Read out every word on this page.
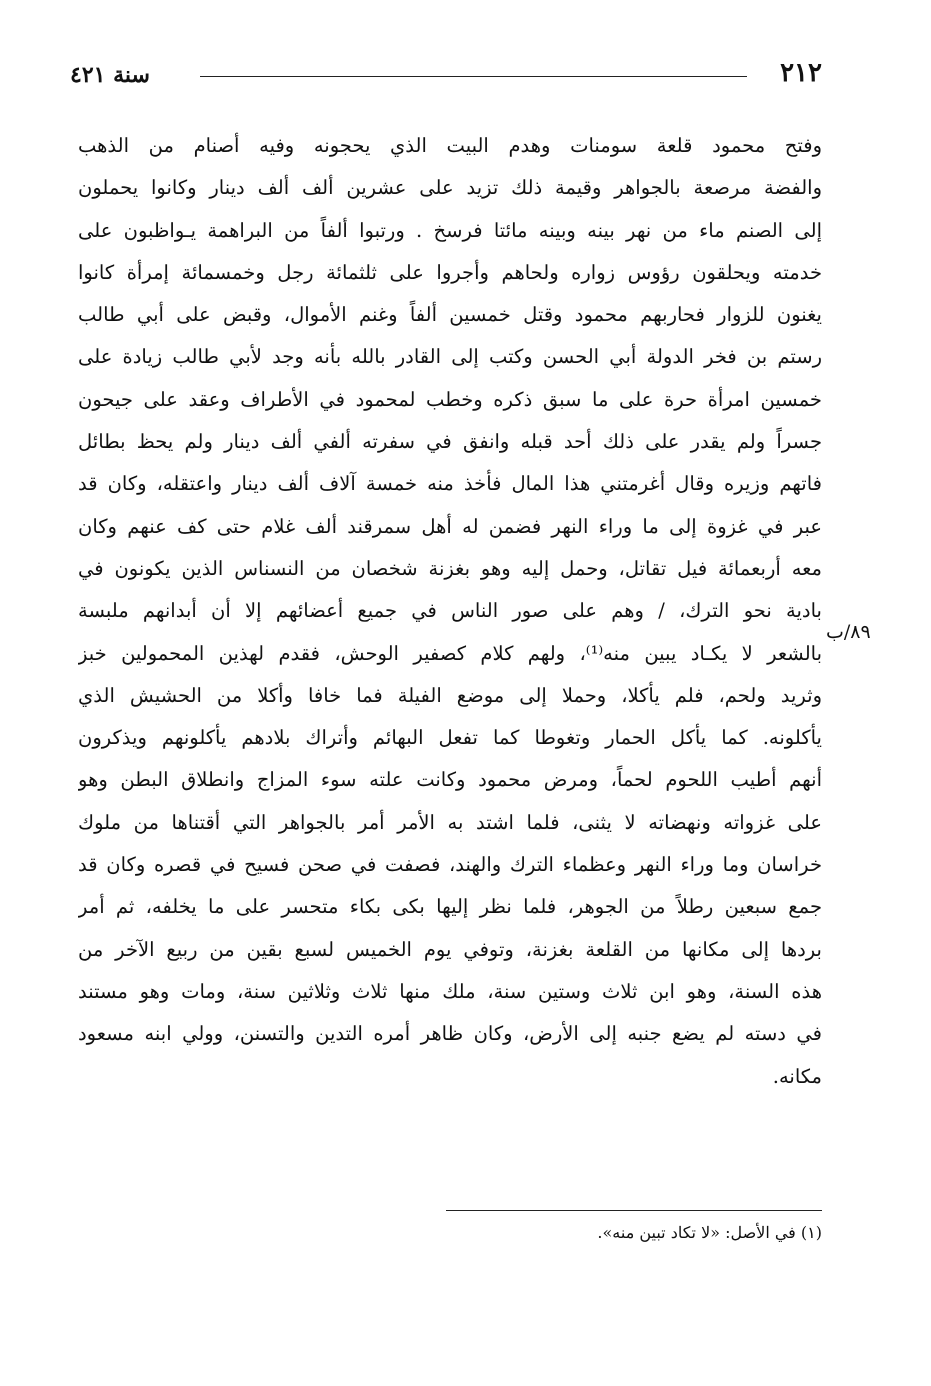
٢١٢
سنة ٤٢١
وفتح محمود قلعة سومنات وهدم البيت الذي يحجونه وفيه أصنام من الذهب
والفضة مرصعة بالجواهر وقيمة ذلك تزيد على عشرين ألف ألف دينار وكانوا يحملون
إلى الصنم ماء من نهر بينه وبينه مائتا فرسخ . ورتبوا ألفاً من البراهمة يـواظبون على
خدمته ويحلقون رؤوس زواره ولحاهم وأجروا على ثلثمائة رجل وخمسمائة إمرأة كانوا
يغنون للزوار فحاربهم محمود وقتل خمسين ألفاً وغنم الأموال، وقبض على أبي طالب
رستم بن فخر الدولة أبي الحسن وكتب إلى القادر بالله بأنه وجد لأبي طالب زيادة على
خمسين امرأة حرة على ما سبق ذكره وخطب لمحمود في الأطراف وعقد على جيحون
جسراً ولم يقدر على ذلك أحد قبله وانفق في سفرته ألفي ألف دينار ولم يحظ بطائل
فاتهم وزيره وقال أغرمتني هذا المال فأخذ منه خمسة آلاف ألف دينار واعتقله، وكان قد
عبر في غزوة إلى ما وراء النهر فضمن له أهل سمرقند ألف غلام حتى كف عنهم وكان
معه أربعمائة فيل تقاتل، وحمل إليه وهو بغزنة شخصان من النسناس الذين يكونون في
بادية نحو الترك، / وهم على صور الناس في جميع أعضائهم إلا أن أبدانهم ملبسة
بالشعر لا يكـاد يبين منه⁽¹⁾، ولهم كلام كصفير الوحش، فقدم لهذين المحمولين خبز
وثريد ولحم، فلم يأكلا، وحملا إلى موضع الفيلة فما خافا وأكلا من الحشيش الذي
يأكلونه. كما يأكل الحمار وتغوطا كما تفعل البهائم وأتراك بلادهم يأكلونهم ويذكرون
أنهم أطيب اللحوم لحماً، ومرض محمود وكانت علته سوء المزاج وانطلاق البطن وهو
على غزواته ونهضاته لا يثنى، فلما اشتد به الأمر أمر بالجواهر التي أقتناها من ملوك
خراسان وما وراء النهر وعظماء الترك والهند، فصفت في صحن فسيح في قصره وكان قد
جمع سبعين رطلاً من الجوهر، فلما نظر إليها بكى بكاء متحسر على ما يخلفه، ثم أمر
بردها إلى مكانها من القلعة بغزنة، وتوفي يوم الخميس لسبع بقين من ربيع الآخر من
هذه السنة، وهو ابن ثلاث وستين سنة، ملك منها ثلاث وثلاثين سنة، ومات وهو مستند
في دسته لم يضع جنبه إلى الأرض، وكان ظاهر أمره التدين والتسنن، وولي ابنه مسعود
مكانه.
٨٩/ب
(١) في الأصل: «لا تكاد تبين منه».
